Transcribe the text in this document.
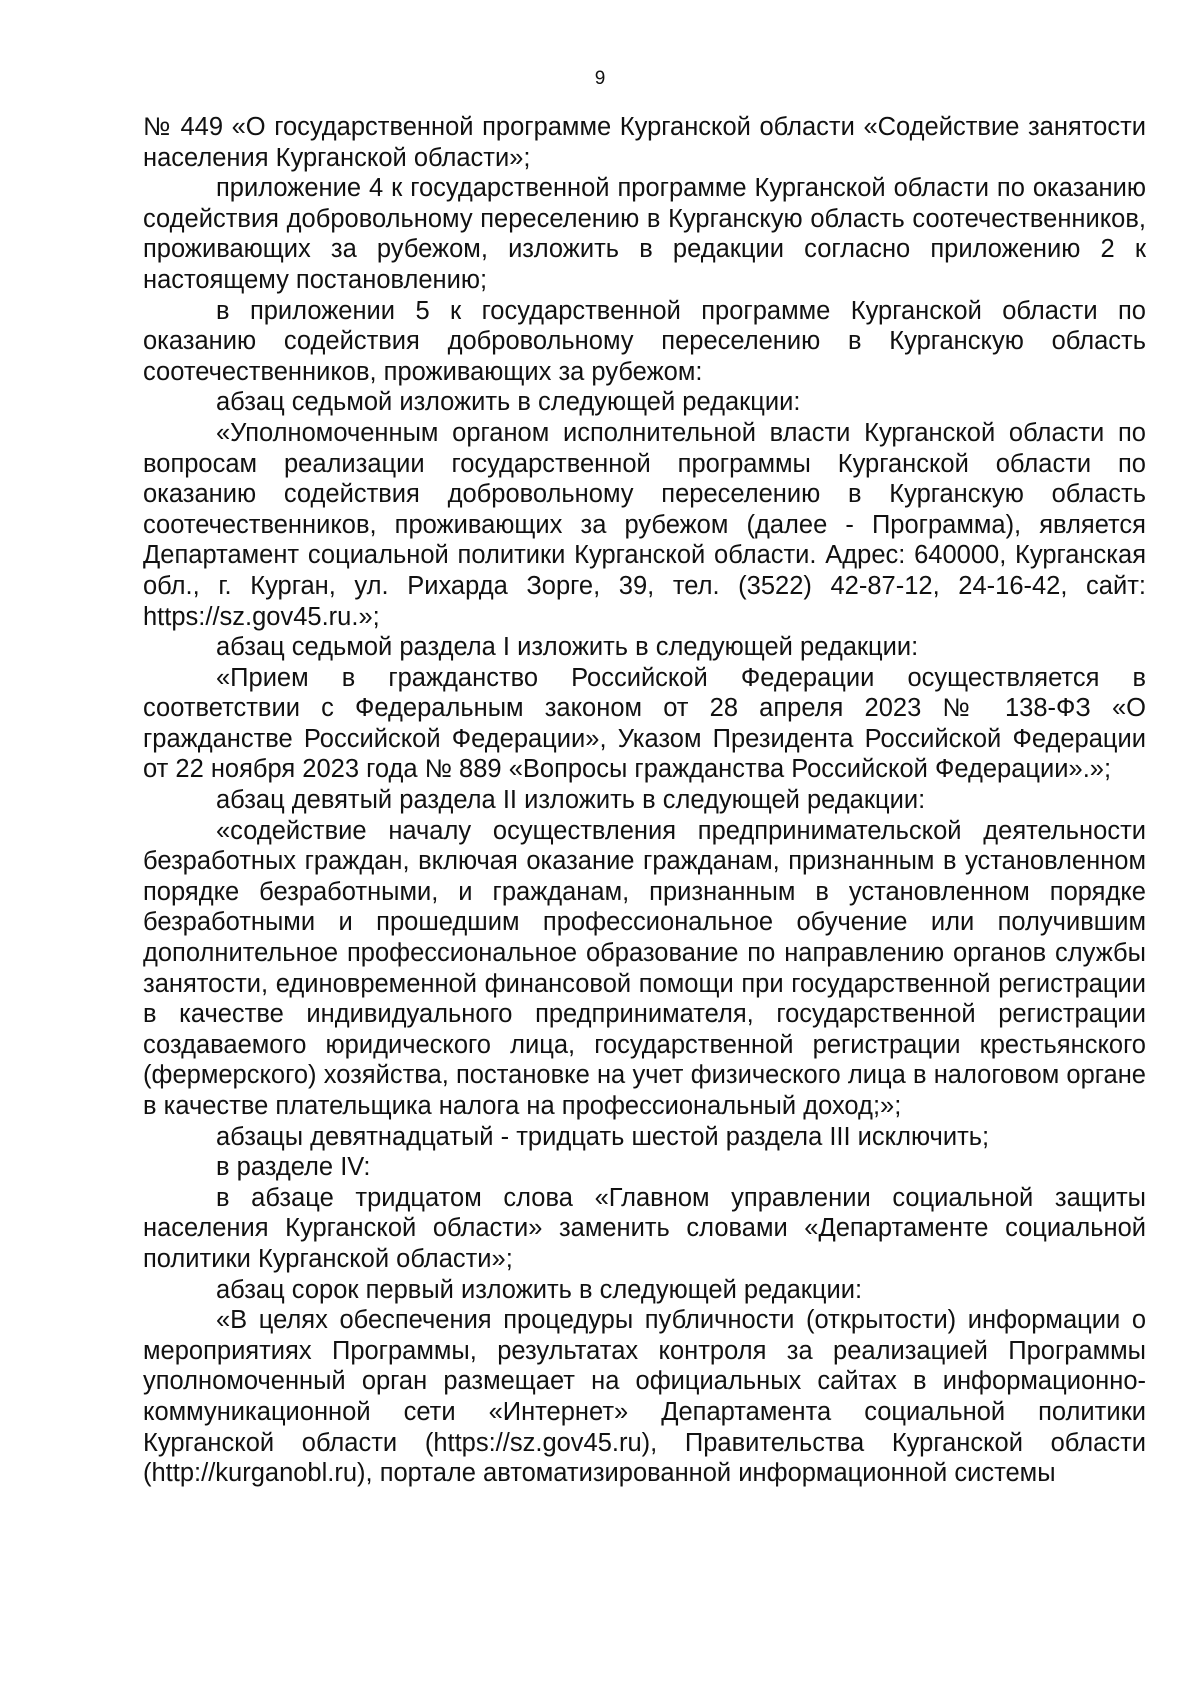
9

№ 449 «О государственной программе Курганской области «Содействие занятости населения Курганской области»;

приложение 4 к государственной программе Курганской области по оказанию содействия добровольному переселению в Курганскую область соотечественников, проживающих за рубежом, изложить в редакции согласно приложению 2 к настоящему постановлению;

в приложении 5 к государственной программе Курганской области по оказанию содействия добровольному переселению в Курганскую область соотечественников, проживающих за рубежом:

абзац седьмой изложить в следующей редакции:

«Уполномоченным органом исполнительной власти Курганской области по вопросам реализации государственной программы Курганской области по оказанию содействия добровольному переселению в Курганскую область соотечественников, проживающих за рубежом (далее - Программа), является Департамент социальной политики Курганской области. Адрес: 640000, Курганская обл., г. Курган, ул. Рихарда Зорге, 39, тел. (3522) 42-87-12, 24-16-42, сайт: https://sz.gov45.ru.»;

абзац седьмой раздела I изложить в следующей редакции:

«Прием в гражданство Российской Федерации осуществляется в соответствии с Федеральным законом от 28 апреля 2023 № 138-ФЗ «О гражданстве Российской Федерации», Указом Президента Российской Федерации от 22 ноября 2023 года № 889 «Вопросы гражданства Российской Федерации».»;

абзац девятый раздела II изложить в следующей редакции:

«содействие началу осуществления предпринимательской деятельности безработных граждан, включая оказание гражданам, признанным в установленном порядке безработными, и гражданам, признанным в установленном порядке безработными и прошедшим профессиональное обучение или получившим дополнительное профессиональное образование по направлению органов службы занятости, единовременной финансовой помощи при государственной регистрации в качестве индивидуального предпринимателя, государственной регистрации создаваемого юридического лица, государственной регистрации крестьянского (фермерского) хозяйства, постановке на учет физического лица в налоговом органе в качестве плательщика налога на профессиональный доход;»;

абзацы девятнадцатый - тридцать шестой раздела III исключить;

в разделе IV:

в абзаце тридцатом слова «Главном управлении социальной защиты населения Курганской области» заменить словами «Департаменте социальной политики Курганской области»;

абзац сорок первый изложить в следующей редакции:

«В целях обеспечения процедуры публичности (открытости) информации о мероприятиях Программы, результатах контроля за реализацией Программы уполномоченный орган размещает на официальных сайтах в информационно-коммуникационной сети «Интернет» Департамента социальной политики Курганской области (https://sz.gov45.ru), Правительства Курганской области (http://kurganobl.ru), портале автоматизированной информационной системы
